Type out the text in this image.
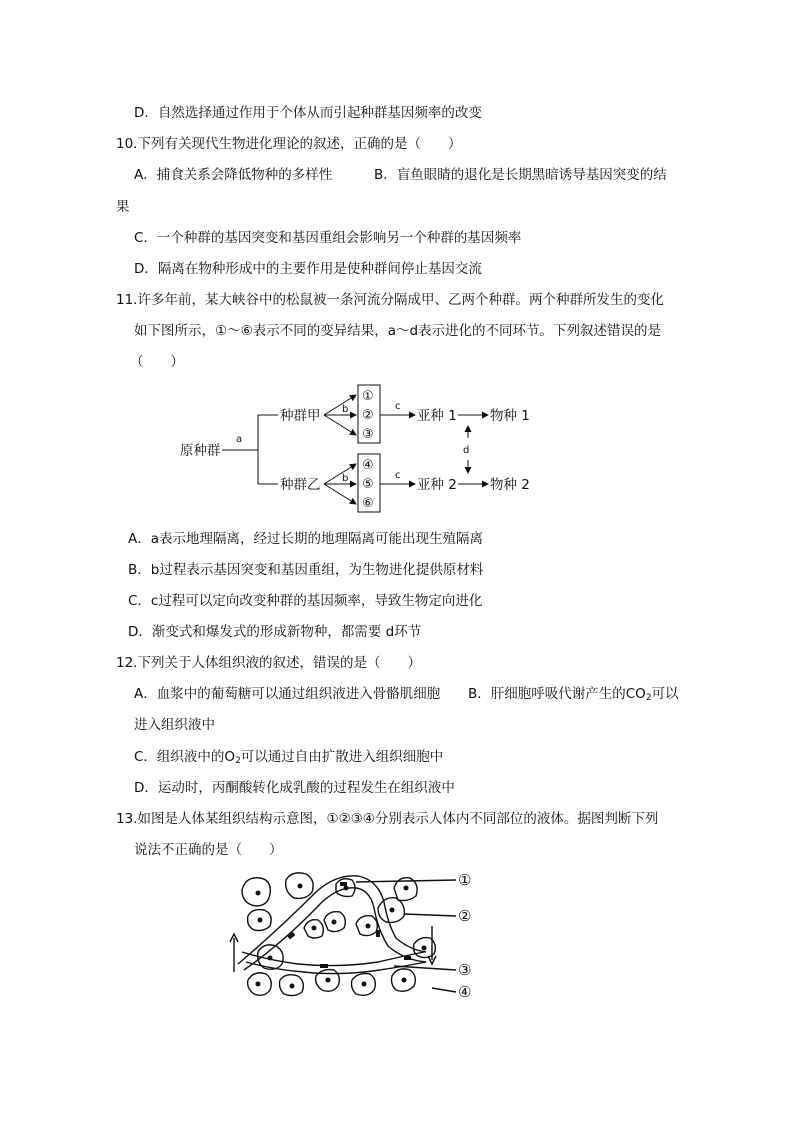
D．自然选择通过作用于个体从而引起种群基因频率的改变
10.下列有关现代生物进化理论的叙述，正确的是（　　）
A．捕食关系会降低物种的多样性	B．盲鱼眼睛的退化是长期黑暗诱导基因突变的结
果
C．一个种群的基因突变和基因重组会影响另一个种群的基因频率
D．隔离在物种形成中的主要作用是使种群间停止基因交流
11.许多年前，某大峡谷中的松鼠被一条河流分隔成甲、乙两个种群。两个种群所发生的变化
如下图所示，①～⑥表示不同的变异结果，a～d表示进化的不同环节。下列叙述错误的是
（　　）
原种群
a
种群甲
种群乙
b
b
①
②
③
④
⑤
⑥
c
c
亚种 1
亚种 2
物种 1
物种 2
d
A．a表示地理隔离，经过长期的地理隔离可能出现生殖隔离
B．b过程表示基因突变和基因重组，为生物进化提供原材料
C．c过程可以定向改变种群的基因频率，导致生物定向进化
D．渐变式和爆发式的形成新物种，都需要 d环节
12.下列关于人体组织液的叙述，错误的是（　　）
A．血浆中的葡萄糖可以通过组织液进入骨骼肌细胞 B．肝细胞呼吸代谢产生的$CO_2$可以
进入组织液中
C．组织液中的$O_2$可以通过自由扩散进入组织细胞中
D．运动时，丙酮酸转化成乳酸的过程发生在组织液中
13.如图是人体某组织结构示意图，①②③④分别表示人体内不同部位的液体。据图判断下列
说法不正确的是（　　）
①
②
③
④
